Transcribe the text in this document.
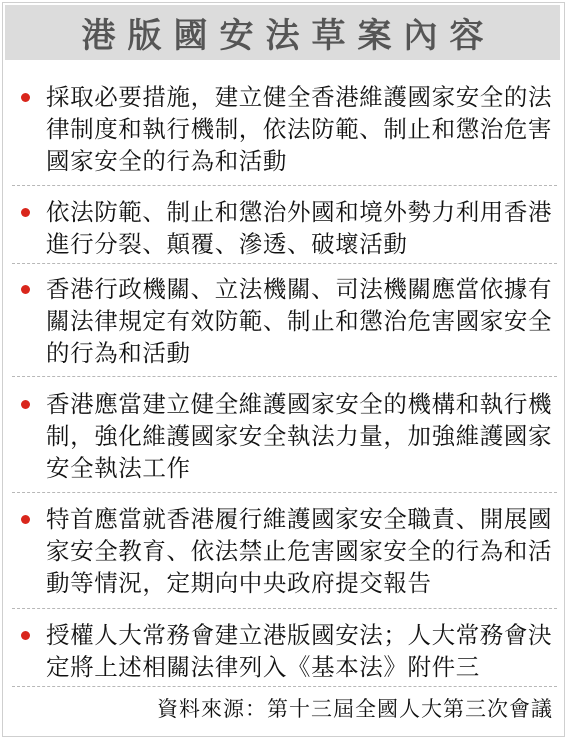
港版國安法草案內容
採取必要措施，建立健全香港維護國家安全的法律制度和執行機制，依法防範、制止和懲治危害國家安全的行為和活動
依法防範、制止和懲治外國和境外勢力利用香港進行分裂、顛覆、滲透、破壞活動
香港行政機關、立法機關、司法機關應當依據有關法律規定有效防範、制止和懲治危害國家安全的行為和活動
香港應當建立健全維護國家安全的機構和執行機制，強化維護國家安全執法力量，加強維護國家安全執法工作
特首應當就香港履行維護國家安全職責、開展國家安全教育、依法禁止危害國家安全的行為和活動等情況，定期向中央政府提交報告
授權人大常務會建立港版國安法；人大常務會決定將上述相關法律列入《基本法》附件三
資料來源：第十三屆全國人大第三次會議
